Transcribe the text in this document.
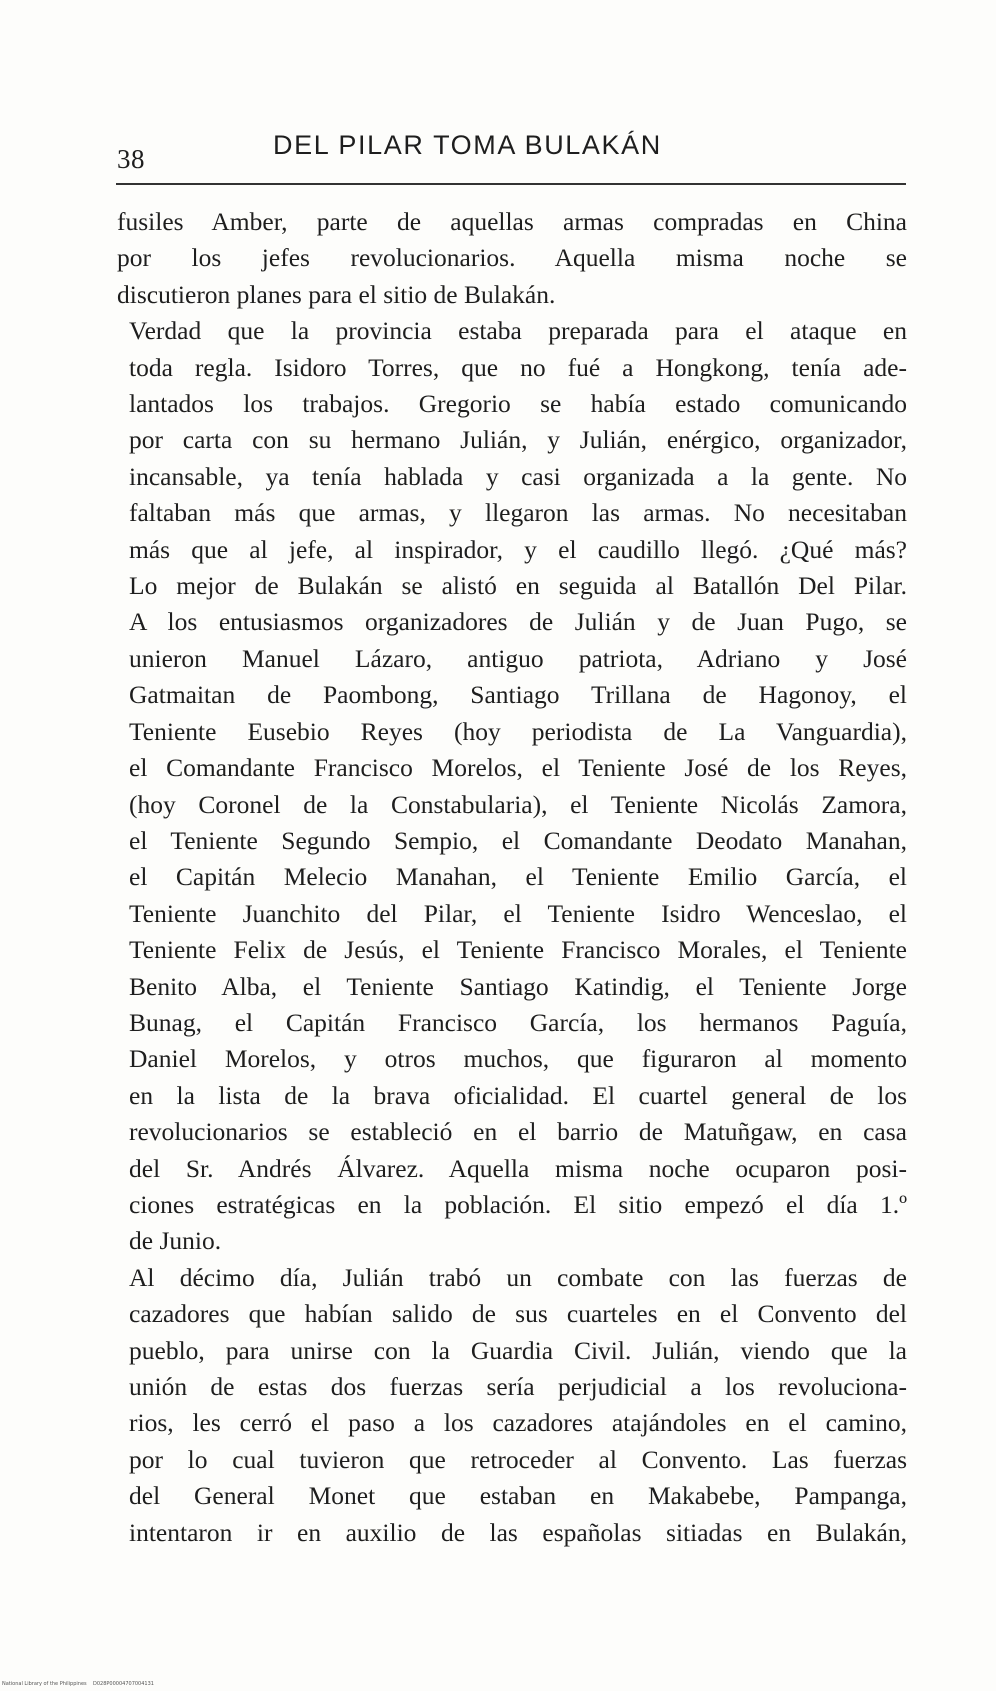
38	DEL PILAR TOMA BULAKÁN

fusiles Amber, parte de aquellas armas compradas en China
por los jefes revolucionarios. Aquella misma noche se
discutieron planes para el sitio de Bulakán.

Verdad que la provincia estaba preparada para el ataque en
toda regla. Isidoro Torres, que no fué a Hongkong, tenía ade-
lantados los trabajos. Gregorio se había estado comunicando
por carta con su hermano Julián, y Julián, enérgico, organizador,
incansable, ya tenía hablada y casi organizada a la gente. No
faltaban más que armas, y llegaron las armas. No necesitaban
más que al jefe, al inspirador, y el caudillo llegó. ¿Qué más?
Lo mejor de Bulakán se alistó en seguida al Batallón Del Pilar.
A los entusiasmos organizadores de Julián y de Juan Pugo, se
unieron Manuel Lázaro, antiguo patriota, Adriano y José
Gatmaitan de Paombong, Santiago Trillana de Hagonoy, el
Teniente Eusebio Reyes (hoy periodista de La Vanguardia),
el Comandante Francisco Morelos, el Teniente José de los Reyes,
(hoy Coronel de la Constabularia), el Teniente Nicolás Zamora,
el Teniente Segundo Sempio, el Comandante Deodato Manahan,
el Capitán Melecio Manahan, el Teniente Emilio García, el
Teniente Juanchito del Pilar, el Teniente Isidro Wenceslao, el
Teniente Felix de Jesús, el Teniente Francisco Morales, el Teniente
Benito Alba, el Teniente Santiago Katindig, el Teniente Jorge
Bunag, el Capitán Francisco García, los hermanos Paguía,
Daniel Morelos, y otros muchos, que figuraron al momento
en la lista de la brava oficialidad. El cuartel general de los
revolucionarios se estableció en el barrio de Matuñgaw, en casa
del Sr. Andrés Álvarez. Aquella misma noche ocuparon posi-
ciones estratégicas en la población. El sitio empezó el día 1.º
de Junio.

Al décimo día, Julián trabó un combate con las fuerzas de
cazadores que habían salido de sus cuarteles en el Convento del
pueblo, para unirse con la Guardia Civil. Julián, viendo que la
unión de estas dos fuerzas sería perjudicial a los revoluciona-
rios, les cerró el paso a los cazadores atajándoles en el camino,
por lo cual tuvieron que retroceder al Convento. Las fuerzas
del General Monet que estaban en Makabebe, Pampanga,
intentaron ir en auxilio de las españolas sitiadas en Bulakán,

National Library of the Philippines D028P00004707004131
